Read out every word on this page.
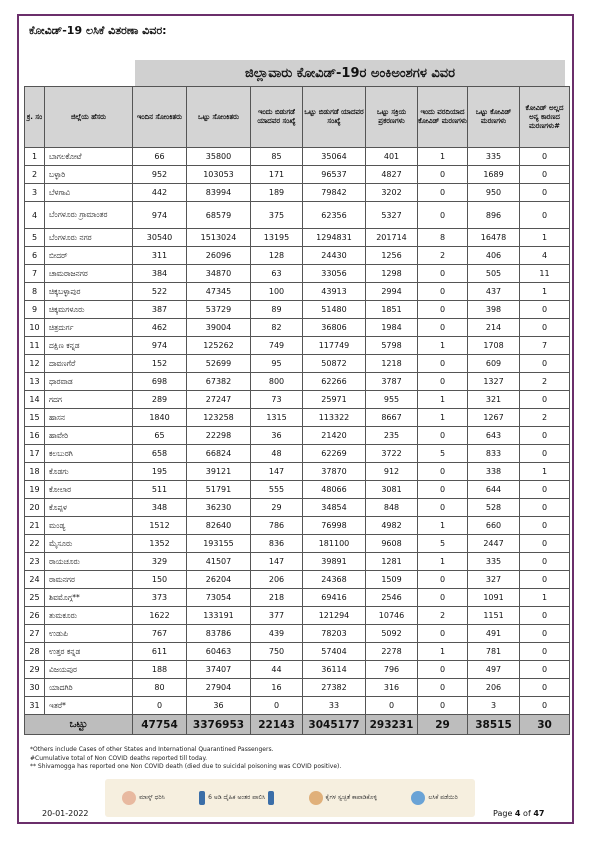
ಕೋವಿಡ್-19 ಲಸಿಕೆ ವಿತರಣಾ ವಿವರ:
ಜಿಲ್ಲಾವಾರು ಕೋವಿಡ್-19ರ ಅಂಕಿಅಂಶಗಳ ವಿವರ
ಕ್ರ. ಸಂ	ಜಿಲ್ಲೆಯ ಹೆಸರು	ಇಂದಿನ ಸೋಂಕಿತರು	ಒಟ್ಟು ಸೋಂಕಿತರು	ಇಂದು ಬಿಡುಗಡೆ ಯಾದವರ ಸಂಖ್ಯೆ	ಒಟ್ಟು ಬಿಡುಗಡೆ ಯಾದವರ ಸಂಖ್ಯೆ	ಒಟ್ಟು ಸಕ್ರಿಯ ಪ್ರಕರಣಗಳು	ಇಂದು ವರದಿಯಾದ ಕೋವಿಡ್ ಮರಣಗಳು	ಒಟ್ಟು ಕೋವಿಡ್ ಮರಣಗಳು	ಕೋವಿಡ್ ಅಲ್ಲದ ಅನ್ಯ ಕಾರಣದ ಮರಣಗಳು#
1	ಬಾಗಲಕೋಟೆ	66	35800	85	35064	401	1	335	0
2	ಬಳ್ಳಾರಿ	952	103053	171	96537	4827	0	1689	0
3	ಬೆಳಗಾವಿ	442	83994	189	79842	3202	0	950	0
4	ಬೆಂಗಳೂರು ಗ್ರಾಮಾಂತರ	974	68579	375	62356	5327	0	896	0
5	ಬೆಂಗಳೂರು ನಗರ	30540	1513024	13195	1294831	201714	8	16478	1
6	ಬೀದರ್	311	26096	128	24430	1256	2	406	4
7	ಚಾಮರಾಜನಗರ	384	34870	63	33056	1298	0	505	11
8	ಚಿಕ್ಕಬಳ್ಳಾಪುರ	522	47345	100	43913	2994	0	437	1
9	ಚಿಕ್ಕಮಗಳೂರು	387	53729	89	51480	1851	0	398	0
10	ಚಿತ್ರದುರ್ಗ	462	39004	82	36806	1984	0	214	0
11	ದಕ್ಷಿಣ ಕನ್ನಡ	974	125262	749	117749	5798	1	1708	7
12	ದಾವಣಗೆರೆ	152	52699	95	50872	1218	0	609	0
13	ಧಾರವಾಡ	698	67382	800	62266	3787	0	1327	2
14	ಗದಗ	289	27247	73	25971	955	1	321	0
15	ಹಾಸನ	1840	123258	1315	113322	8667	1	1267	2
16	ಹಾವೇರಿ	65	22298	36	21420	235	0	643	0
17	ಕಲಬುರಗಿ	658	66824	48	62269	3722	5	833	0
18	ಕೊಡಗು	195	39121	147	37870	912	0	338	1
19	ಕೋಲಾರ	511	51791	555	48066	3081	0	644	0
20	ಕೊಪ್ಪಳ	348	36230	29	34854	848	0	528	0
21	ಮಂಡ್ಯ	1512	82640	786	76998	4982	1	660	0
22	ಮೈಸೂರು	1352	193155	836	181100	9608	5	2447	0
23	ರಾಯಚೂರು	329	41507	147	39891	1281	1	335	0
24	ರಾಮನಗರ	150	26204	206	24368	1509	0	327	0
25	ಶಿವಮೊಗ್ಗ**	373	73054	218	69416	2546	0	1091	1
26	ತುಮಕೂರು	1622	133191	377	121294	10746	2	1151	0
27	ಉಡುಪಿ	767	83786	439	78203	5092	0	491	0
28	ಉತ್ತರ ಕನ್ನಡ	611	60463	750	57404	2278	1	781	0
29	ವಿಜಯಪುರ	188	37407	44	36114	796	0	497	0
30	ಯಾದಗಿರಿ	80	27904	16	27382	316	0	206	0
31	ಇತರೆ*	0	36	0	33	0	0	3	0
ಒಟ್ಟು		47754	3376953	22143	3045177	293231	29	38515	30
*Others include Cases of other States and International Quarantined Passengers.
#Cumulative total of Non COVID deaths reported till today.
** Shivamogga has reported one Non COVID death (died due to suicidal poisoning was COVID positive).
ಮಾಸ್ಕ್ ಧರಿಸಿ	6 ಅಡಿ ದೈಹಿಕ ಅಂತರ ಪಾಲಿಸಿ	ಕೈಗಳ ಸ್ವಚ್ಛತೆ ಕಾಪಾಡಿಕೊಳ್ಳಿ	ಲಸಿಕೆ ಪಡೆಯಿರಿ
20-01-2022	Page 4 of 47
